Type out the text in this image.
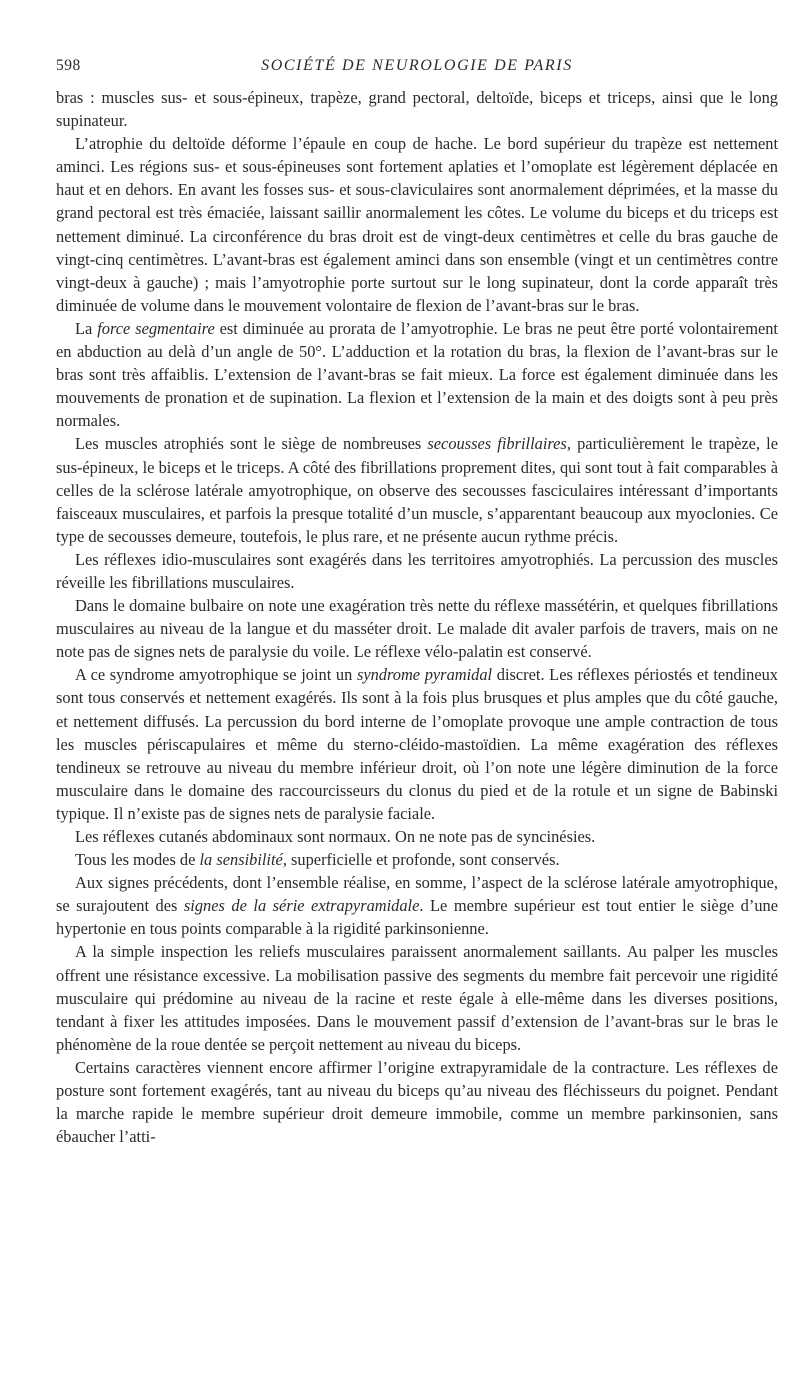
598	SOCIÉTÉ DE NEUROLOGIE DE PARIS

bras : muscles sus- et sous-épineux, trapèze, grand pectoral, deltoïde, biceps et triceps, ainsi que le long supinateur.

L’atrophie du deltoïde déforme l’épaule en coup de hache. Le bord supérieur du trapèze est nettement aminci. Les régions sus- et sous-épineuses sont fortement aplaties et l’omoplate est légèrement déplacée en haut et en dehors. En avant les fosses sus- et sous-claviculaires sont anormalement déprimées, et la masse du grand pectoral est très émaciée, laissant saillir anormalement les côtes. Le volume du biceps et du triceps est nettement diminué. La circonférence du bras droit est de vingt-deux centimètres et celle du bras gauche de vingt-cinq centimètres. L’avant-bras est également aminci dans son ensemble (vingt et un centimètres contre vingt-deux à gauche) ; mais l’amyotrophie porte surtout sur le long supinateur, dont la corde apparaît très diminuée de volume dans le mouvement volontaire de flexion de l’avant-bras sur le bras.

La force segmentaire est diminuée au prorata de l’amyotrophie. Le bras ne peut être porté volontairement en abduction au delà d’un angle de 50°. L’adduction et la rotation du bras, la flexion de l’avant-bras sur le bras sont très affaiblis. L’extension de l’avant-bras se fait mieux. La force est également diminuée dans les mouvements de pronation et de supination. La flexion et l’extension de la main et des doigts sont à peu près normales.

Les muscles atrophiés sont le siège de nombreuses secousses fibrillaires, particulièrement le trapèze, le sus-épineux, le biceps et le triceps. A côté des fibrillations proprement dites, qui sont tout à fait comparables à celles de la sclérose latérale amyotrophique, on observe des secousses fasciculaires intéressant d’importants faisceaux musculaires, et parfois la presque totalité d’un muscle, s’apparentant beaucoup aux myoclonies. Ce type de secousses demeure, toutefois, le plus rare, et ne présente aucun rythme précis.

Les réflexes idio-musculaires sont exagérés dans les territoires amyotrophiés. La percussion des muscles réveille les fibrillations musculaires.

Dans le domaine bulbaire on note une exagération très nette du réflexe massétérin, et quelques fibrillations musculaires au niveau de la langue et du masséter droit. Le malade dit avaler parfois de travers, mais on ne note pas de signes nets de paralysie du voile. Le réflexe vélo-palatin est conservé.

A ce syndrome amyotrophique se joint un syndrome pyramidal discret. Les réflexes périostés et tendineux sont tous conservés et nettement exagérés. Ils sont à la fois plus brusques et plus amples que du côté gauche, et nettement diffusés. La percussion du bord interne de l’omoplate provoque une ample contraction de tous les muscles périscapulaires et même du sterno-cléido-mastoïdien. La même exagération des réflexes tendineux se retrouve au niveau du membre inférieur droit, où l’on note une légère diminution de la force musculaire dans le domaine des raccourcisseurs du clonus du pied et de la rotule et un signe de Babinski typique. Il n’existe pas de signes nets de paralysie faciale.

Les réflexes cutanés abdominaux sont normaux. On ne note pas de syncinésies.

Tous les modes de la sensibilité, superficielle et profonde, sont conservés.

Aux signes précédents, dont l’ensemble réalise, en somme, l’aspect de la sclérose latérale amyotrophique, se surajoutent des signes de la série extrapyramidale. Le membre supérieur est tout entier le siège d’une hypertonie en tous points comparable à la rigidité parkinsonienne.

A la simple inspection les reliefs musculaires paraissent anormalement saillants. Au palper les muscles offrent une résistance excessive. La mobilisation passive des segments du membre fait percevoir une rigidité musculaire qui prédomine au niveau de la racine et reste égale à elle-même dans les diverses positions, tendant à fixer les attitudes imposées. Dans le mouvement passif d’extension de l’avant-bras sur le bras le phénomène de la roue dentée se perçoit nettement au niveau du biceps.

Certains caractères viennent encore affirmer l’origine extrapyramidale de la contracture. Les réflexes de posture sont fortement exagérés, tant au niveau du biceps qu’au niveau des fléchisseurs du poignet. Pendant la marche rapide le membre supérieur droit demeure immobile, comme un membre parkinsonien, sans ébaucher l’atti-
